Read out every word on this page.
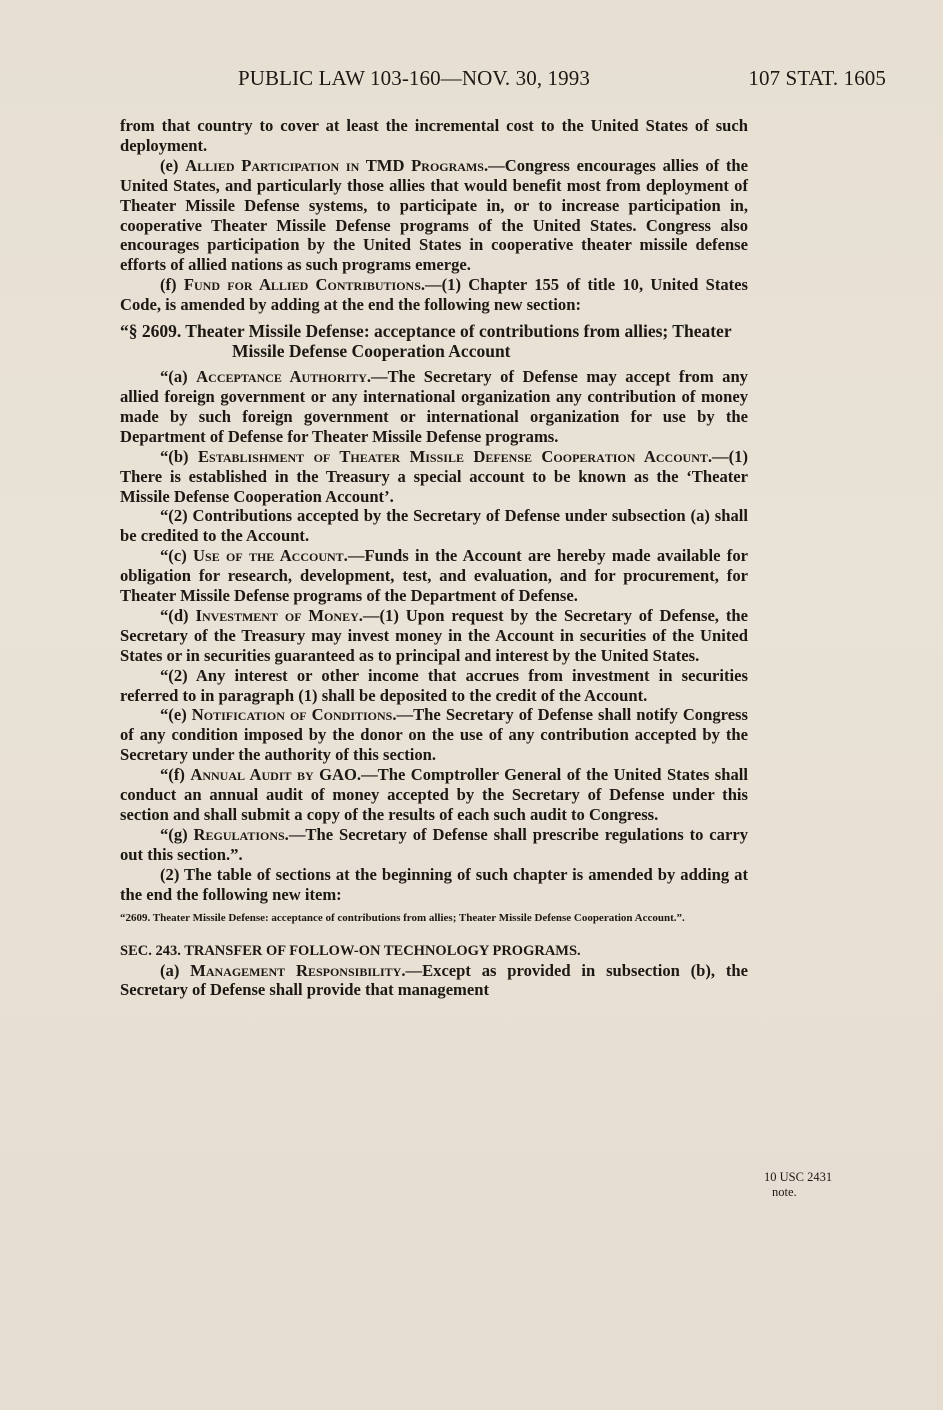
PUBLIC LAW 103-160—NOV. 30, 1993	107 STAT. 1605

from that country to cover at least the incremental cost to the United States of such deployment.

(e) Allied Participation in TMD Programs.—Congress encourages allies of the United States, and particularly those allies that would benefit most from deployment of Theater Missile Defense systems, to participate in, or to increase participation in, cooperative Theater Missile Defense programs of the United States. Congress also encourages participation by the United States in cooperative theater missile defense efforts of allied nations as such programs emerge.

(f) Fund for Allied Contributions.—(1) Chapter 155 of title 10, United States Code, is amended by adding at the end the following new section:

“§ 2609. Theater Missile Defense: acceptance of contributions from allies; Theater Missile Defense Cooperation Account

“(a) Acceptance Authority.—The Secretary of Defense may accept from any allied foreign government or any international organization any contribution of money made by such foreign government or international organization for use by the Department of Defense for Theater Missile Defense programs.

“(b) Establishment of Theater Missile Defense Cooperation Account.—(1) There is established in the Treasury a special account to be known as the ‘Theater Missile Defense Cooperation Account’.

“(2) Contributions accepted by the Secretary of Defense under subsection (a) shall be credited to the Account.

“(c) Use of the Account.—Funds in the Account are hereby made available for obligation for research, development, test, and evaluation, and for procurement, for Theater Missile Defense programs of the Department of Defense.

“(d) Investment of Money.—(1) Upon request by the Secretary of Defense, the Secretary of the Treasury may invest money in the Account in securities of the United States or in securities guaranteed as to principal and interest by the United States.

“(2) Any interest or other income that accrues from investment in securities referred to in paragraph (1) shall be deposited to the credit of the Account.

“(e) Notification of Conditions.—The Secretary of Defense shall notify Congress of any condition imposed by the donor on the use of any contribution accepted by the Secretary under the authority of this section.

“(f) Annual Audit by GAO.—The Comptroller General of the United States shall conduct an annual audit of money accepted by the Secretary of Defense under this section and shall submit a copy of the results of each such audit to Congress.

“(g) Regulations.—The Secretary of Defense shall prescribe regulations to carry out this section.”.

(2) The table of sections at the beginning of such chapter is amended by adding at the end the following new item:

“2609. Theater Missile Defense: acceptance of contributions from allies; Theater Missile Defense Cooperation Account.”.

SEC. 243. TRANSFER OF FOLLOW-ON TECHNOLOGY PROGRAMS.

(a) Management Responsibility.—Except as provided in subsection (b), the Secretary of Defense shall provide that management

10 USC 2431
note.
